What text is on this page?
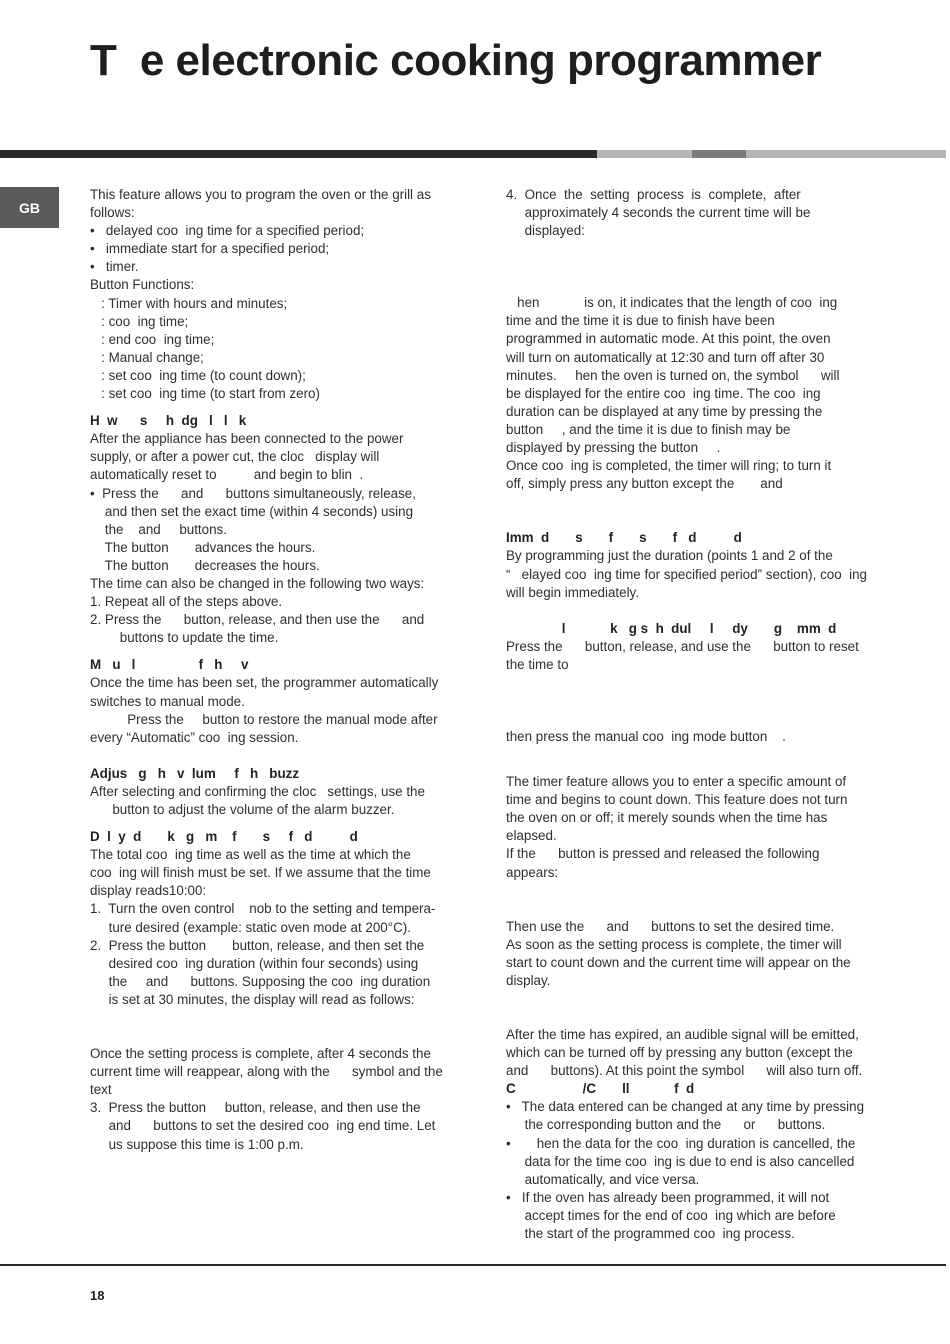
T  e electronic cooking programmer
GB

This feature allows you to program the oven or the grill as

follows:

•   delayed coo  ing time for a specified period;

•   immediate start for a specified period;

•   timer.

Button Functions:

: Timer with hours and minutes;

: coo  ing time;

: end coo  ing time;

: Manual change;

: set coo  ing time (to count down);

: set coo  ing time (to start from zero)

H  w      s     h  dg   l   l   k

After the appliance has been connected to the power

supply, or after a power cut, the cloc   display will

automatically reset to          and begin to blin  .

•  Press the      and      buttons simultaneously, release,

and then set the exact time (within 4 seconds) using

the    and     buttons.

The button       advances the hours.

The button       decreases the hours.

The time can also be changed in the following two ways:

1. Repeat all of the steps above.

2. Press the      button, release, and then use the      and

buttons to update the time.

M   u   l                 f   h     v

Once the time has been set, the programmer automatically

switches to manual mode.

Press the     button to restore the manual mode after

every “Automatic” coo  ing session.

Adjus   g   h   v  lum     f   h   buzz

After selecting and confirming the cloc   settings, use the

button to adjust the volume of the alarm buzzer.

D  l  y  d       k   g   m    f       s     f   d          d

The total coo  ing time as well as the time at which the

coo  ing will finish must be set. If we assume that the time

display reads10:00:

1.  Turn the oven control    nob to the setting and tempera-

ture desired (example: static oven mode at 200°C).

2.  Press the button       button, release, and then set the

desired coo  ing duration (within four seconds) using

the     and      buttons. Supposing the coo  ing duration

is set at 30 minutes, the display will read as follows:

Once the setting process is complete, after 4 seconds the

current time will reappear, along with the      symbol and the

text

3.  Press the button     button, release, and then use the

and      buttons to set the desired coo  ing end time. Let

us suppose this time is 1:00 p.m.

4.  Once  the  setting  process  is  complete,  after

approximately 4 seconds the current time will be

displayed:

hen            is on, it indicates that the length of coo  ing

time and the time it is due to finish have been

programmed in automatic mode. At this point, the oven

will turn on automatically at 12:30 and turn off after 30

minutes.     hen the oven is turned on, the symbol      will

be displayed for the entire coo  ing time. The coo  ing

duration can be displayed at any time by pressing the

button     , and the time it is due to finish may be

displayed by pressing the button     .

Once coo  ing is completed, the timer will ring; to turn it

off, simply press any button except the       and

Imm  d       s       f       s       f   d          d

By programming just the duration (points 1 and 2 of the

“   elayed coo  ing time for specified period” section), coo  ing

will begin immediately.

l            k   g s  h  dul     l     dy       g    mm  d

Press the      button, release, and use the      button to reset

the time to

then press the manual coo  ing mode button    .

The timer feature allows you to enter a specific amount of

time and begins to count down. This feature does not turn

the oven on or off; it merely sounds when the time has

elapsed.

If the      button is pressed and released the following

appears:

Then use the      and      buttons to set the desired time.

As soon as the setting process is complete, the timer will

start to count down and the current time will appear on the

display.

After the time has expired, an audible signal will be emitted,

which can be turned off by pressing any button (except the

and      buttons). At this point the symbol      will also turn off.

C                  /C       ll            f  d

•   The data entered can be changed at any time by pressing

the corresponding button and the      or      buttons.

•       hen the data for the coo  ing duration is cancelled, the

data for the time coo  ing is due to end is also cancelled

automatically, and vice versa.

•   If the oven has already been programmed, it will not

accept times for the end of coo  ing which are before

the start of the programmed coo  ing process.

18
